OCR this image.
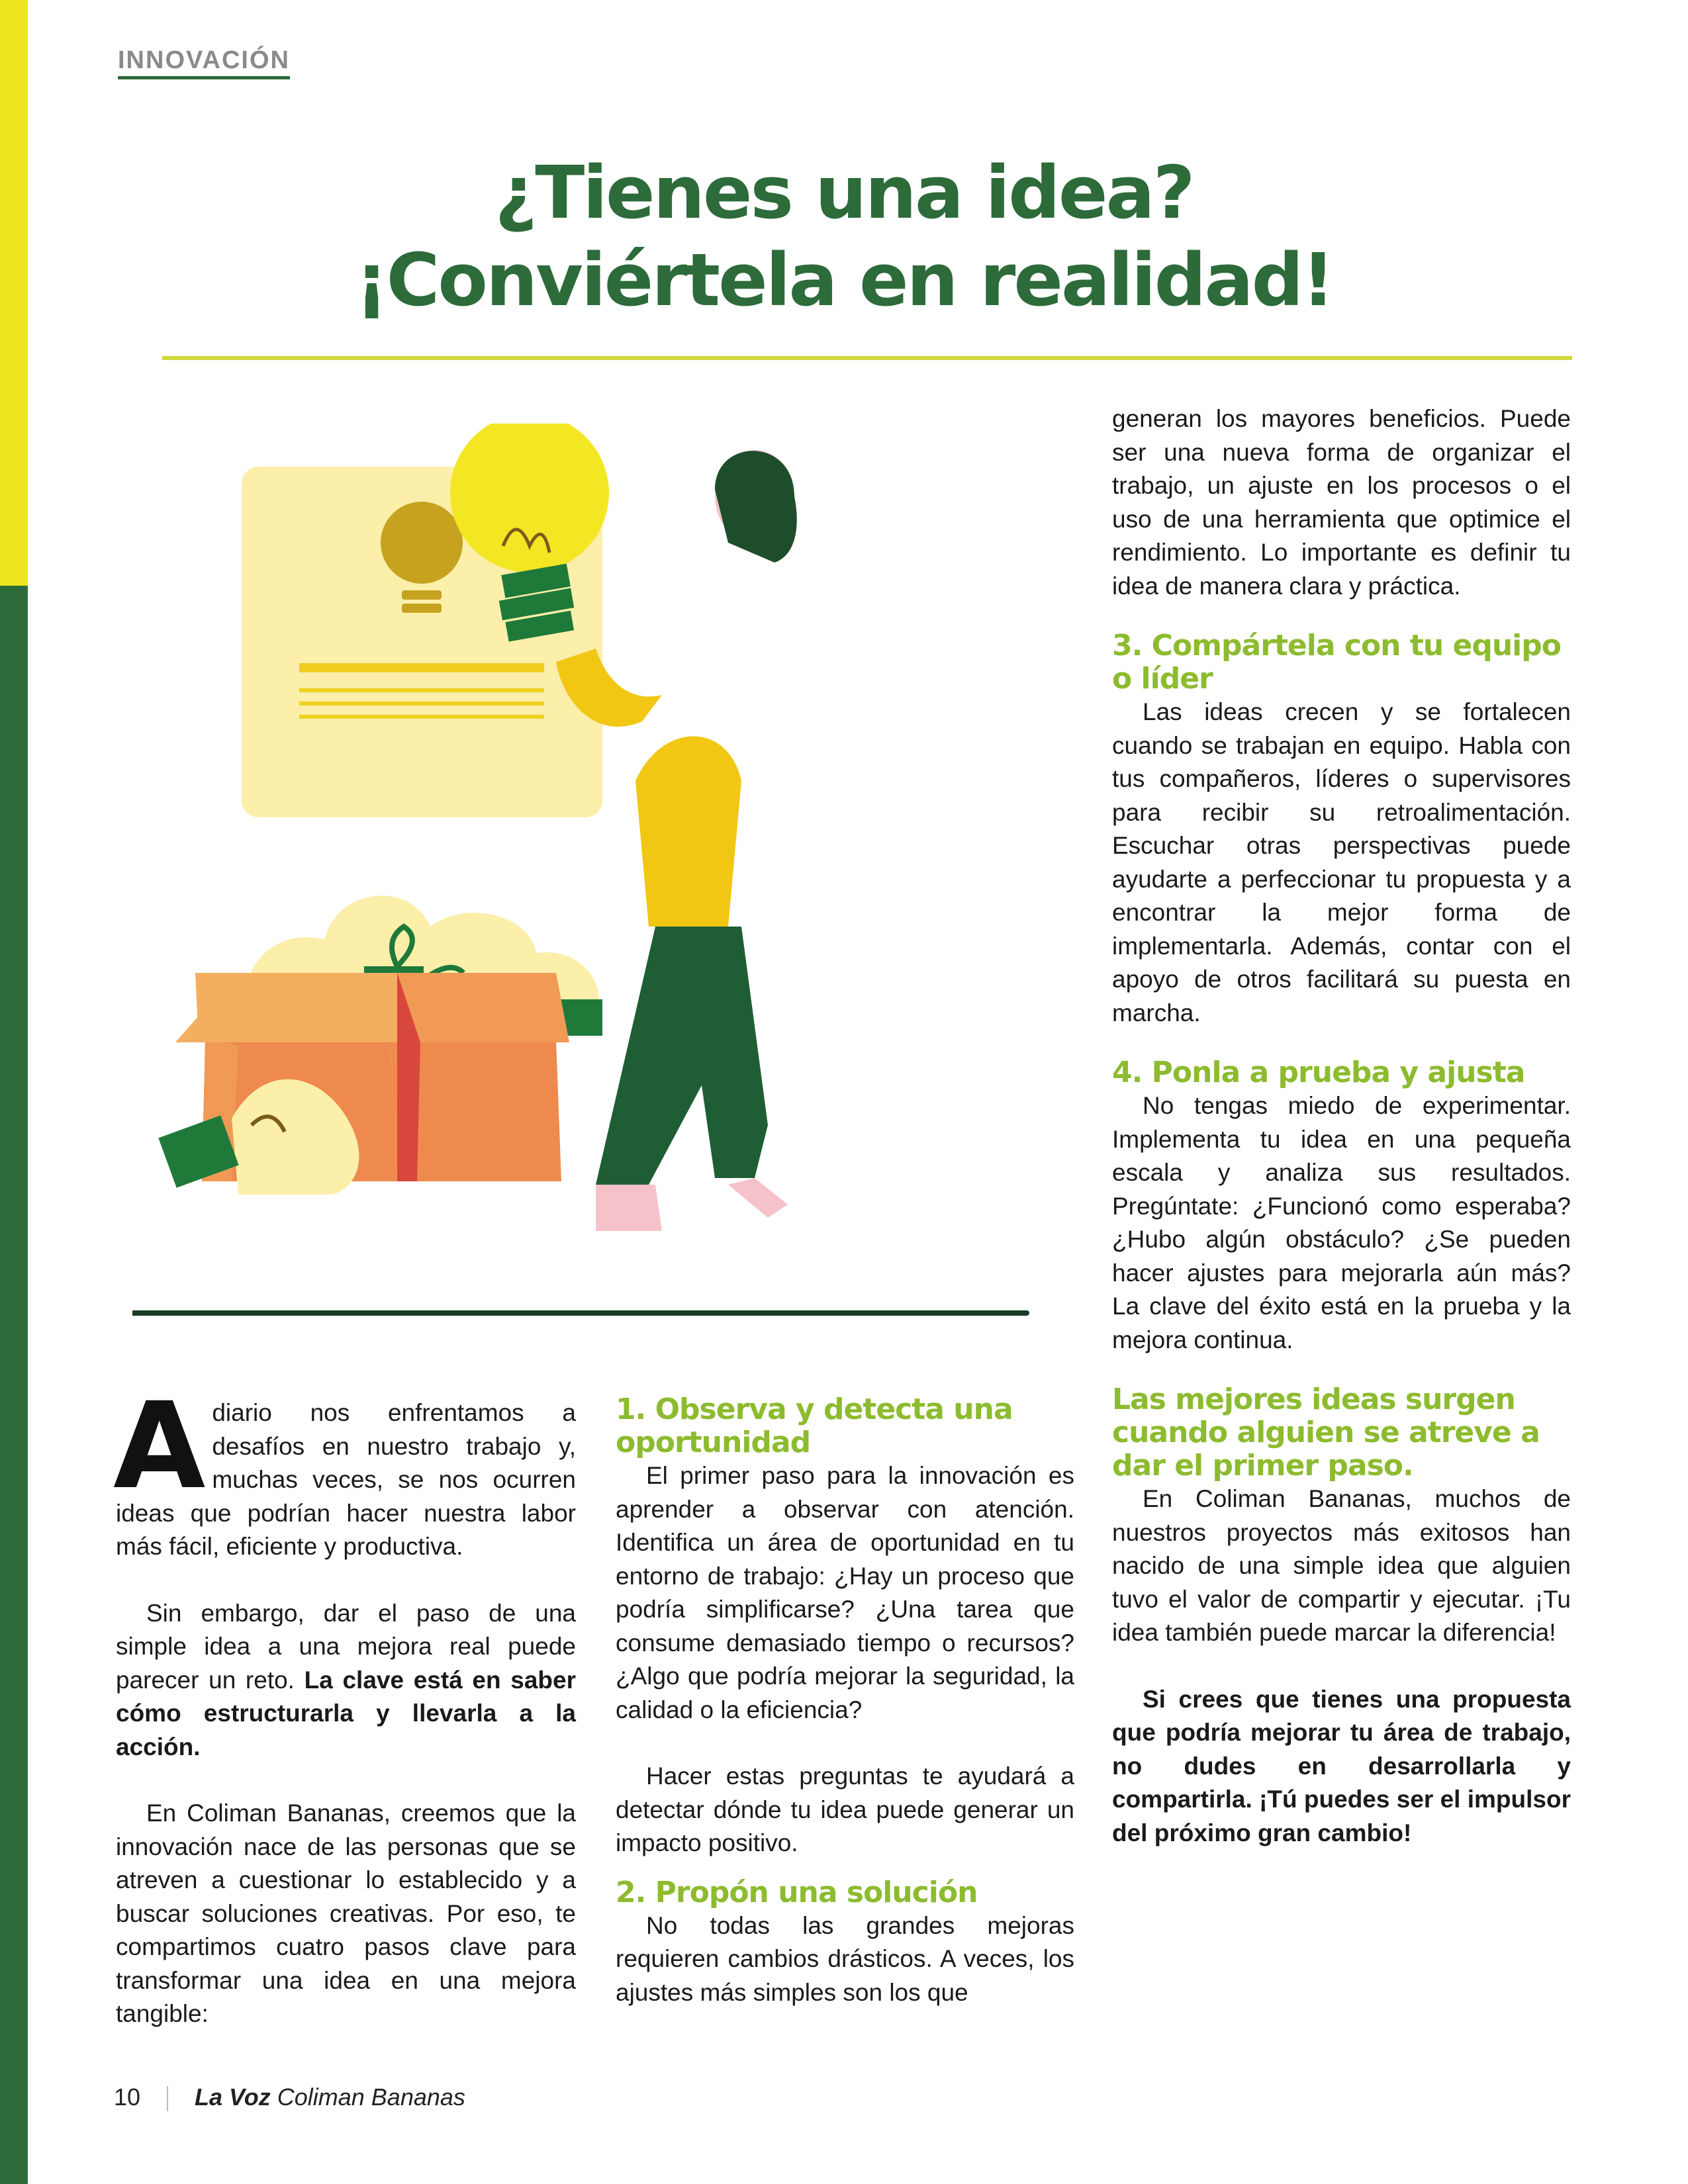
INNOVACIÓN
¿Tienes una idea?
¡Conviértela en realidad!

Adiario nos enfrentamos a desafíos en nuestro trabajo y, muchas veces, se nos ocurren ideas que podrían hacer nuestra labor más fácil, eficiente y productiva.

Sin embargo, dar el paso de una simple idea a una mejora real puede parecer un reto. La clave está en saber cómo estructurarla y llevarla a la acción.

En Coliman Bananas, creemos que la innovación nace de las personas que se atreven a cuestionar lo establecido y a buscar soluciones creativas. Por eso, te compartimos cuatro pasos clave para transformar una idea en una mejora tangible:

1. Observa y detecta una oportunidad

El primer paso para la innovación es aprender a observar con atención. Identifica un área de oportunidad en tu entorno de trabajo: ¿Hay un proceso que podría simplificarse? ¿Una tarea que consume demasiado tiempo o recursos? ¿Algo que podría mejorar la seguridad, la calidad o la eficiencia?

Hacer estas preguntas te ayudará a detectar dónde tu idea puede generar un impacto positivo.

2. Propón una solución

No todas las grandes mejoras requieren cambios drásticos. A veces, los ajustes más simples son los que

generan los mayores beneficios. Puede ser una nueva forma de organizar el trabajo, un ajuste en los procesos o el uso de una herramienta que optimice el rendimiento. Lo importante es definir tu idea de manera clara y práctica.

3. Compártela con tu equipo o líder

Las ideas crecen y se fortalecen cuando se trabajan en equipo. Habla con tus compañeros, líderes o supervisores para recibir su retroalimentación. Escuchar otras perspectivas puede ayudarte a perfeccionar tu propuesta y a encontrar la mejor forma de implementarla. Además, contar con el apoyo de otros facilitará su puesta en marcha.

4. Ponla a prueba y ajusta

No tengas miedo de experimentar. Implementa tu idea en una pequeña escala y analiza sus resultados. Pregúntate: ¿Funcionó como esperaba? ¿Hubo algún obstáculo? ¿Se pueden hacer ajustes para mejorarla aún más? La clave del éxito está en la prueba y la mejora continua.

Las mejores ideas surgen cuando alguien se atreve a dar el primer paso.

En Coliman Bananas, muchos de nuestros proyectos más exitosos han nacido de una simple idea que alguien tuvo el valor de compartir y ejecutar. ¡Tu idea también puede marcar la diferencia!

Si crees que tienes una propuesta que podría mejorar tu área de trabajo, no dudes en desarrollarla y compartirla. ¡Tú puedes ser el impulsor del próximo gran cambio!

10 La Voz Coliman Bananas
